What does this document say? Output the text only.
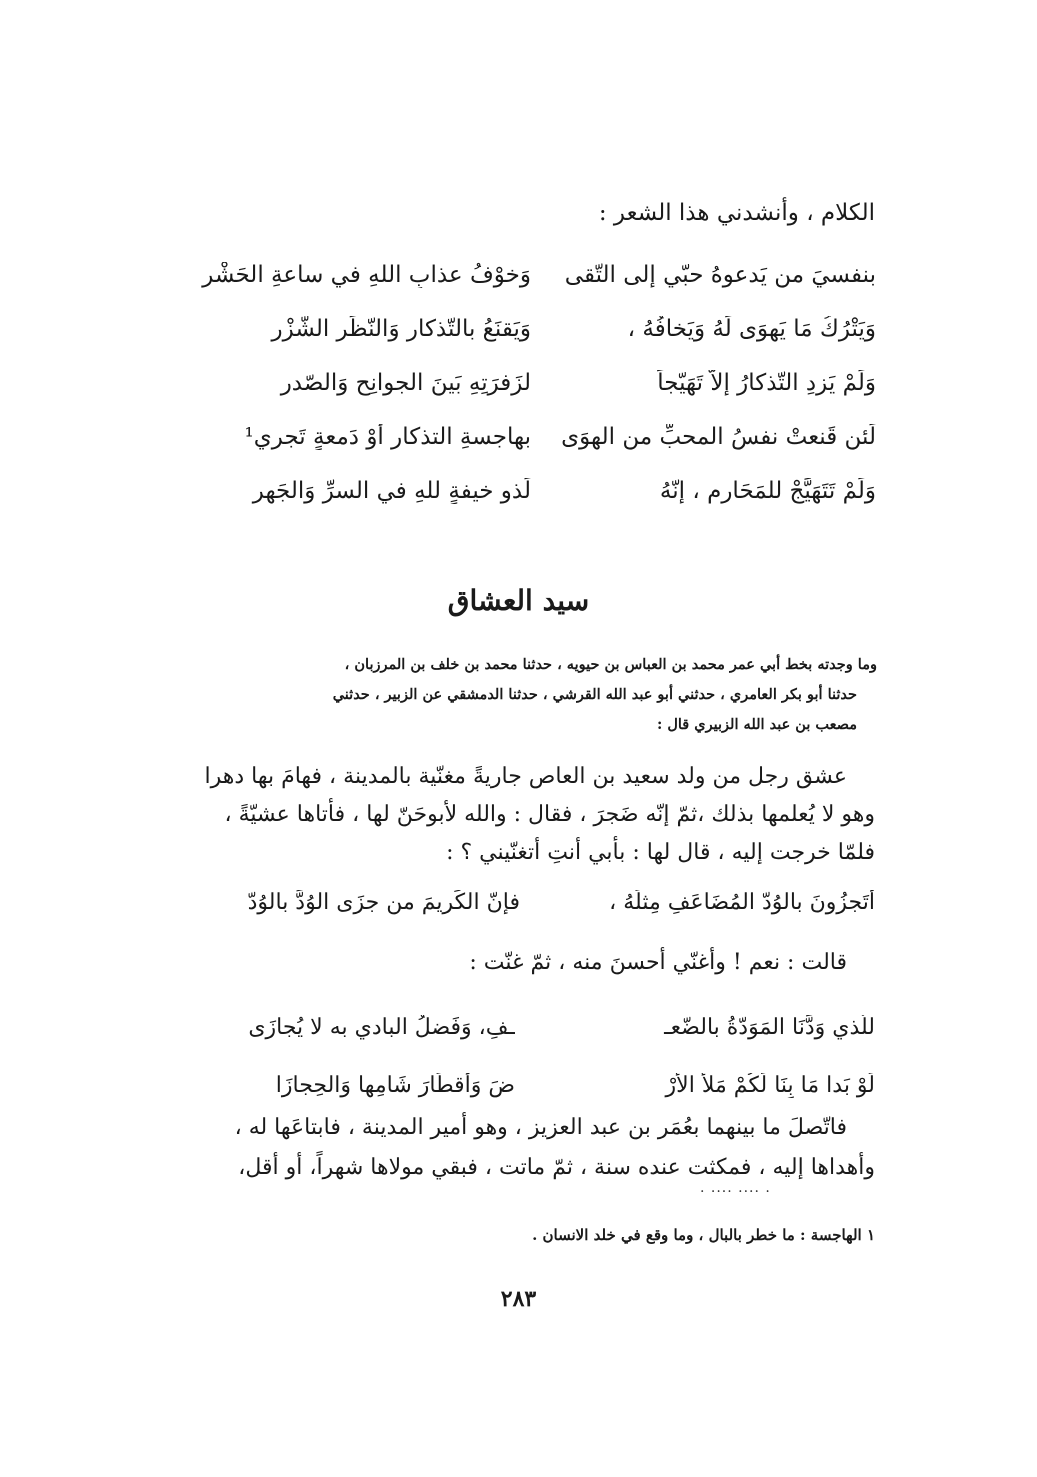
الكلام ، وأنشدني هذا الشعر :
بنفسيَ من يَدعوهُ حبّي إلى التّقى
وَخوْفُ عذابِ اللهِ في ساعةِ الحَشْرِ
وَيَتْرُكُ مَا يَهوَى لَهُ وَيَخافُهُ ،
وَيَقنَعُ بالتّذكارِ وَالنّظَرِ الشَّزْرِ
وَلَمْ يَزِدِ التّذكارُ إلاّ تَهَيّجاً
لزَفرَتِهِ بَينَ الجوانِحِ وَالصّدرِ
لَئن قَنعتْ نفسُ المحبِّ من الهوَى
بهاجسةِ التذكارِ أوْ دَمعةٍ تَجري¹
وَلَمْ تَتَهَيَّجْ للمَحَارِمِ ، إنّهُ
لَذو خيفةٍ للهِ في السرِّ وَالجَهرِ
سيد العشاق
وما وجدته بخط أبي عمر محمد بن العباس بن حيويه ، حدثنا محمد بن خلف بن المرزبان ،
حدثنا أبو بكر العامري ، حدثني أبو عبد الله القرشي ، حدثنا الدمشقي عن الزبير ، حدثني
مصعب بن عبد الله الزبيري قال :
عشق رجل من ولد سعيد بن العاص جاريةً مغنّية بالمدينة ، فهامَ بها دهرا
وهو لا يُعلمها بذلك ،ثمّ إنّه ضَجرَ ، فقال : والله لأبوحَنّ لها ، فأتاها عشيّةً ،
فلمّا خرجت إليه ، قال لها : بأبي أنتِ أتغنّيني ؟ :
أتَجزُونَ بالوُدّ المُضَاعَفِ مِثلَهُ ،
فإنّ الكَريمَ من جزَى الوُدَّ بالوُدّ
قالت : نعم ! وأغنّي أحسنَ منه ، ثمّ غنّت :
للّذي وَدَّنَا المَوَدّةُ بالضّعـ
ـفِ، وَفَضلُ البادي به لا يُجازَى
لَوْ بَدا مَا بِنَا لَكُمْ مَلأ الأرْ
ضَ وَأقطَارَ شَامِها وَالحِجازَا
فاتّصلَ ما بينهما بعُمَر بن عبد العزيز ، وهو أمير المدينة ، فابتاعَها له ،
وأهداها إليه ، فمكثت عنده سنة ، ثمّ ماتت ، فبقي مولاها شهراً، أو أقل،
. .... .... .
١ الهاجسة : ما خطر بالبال ، وما وقع في خلد الانسان .
٢٨٣
